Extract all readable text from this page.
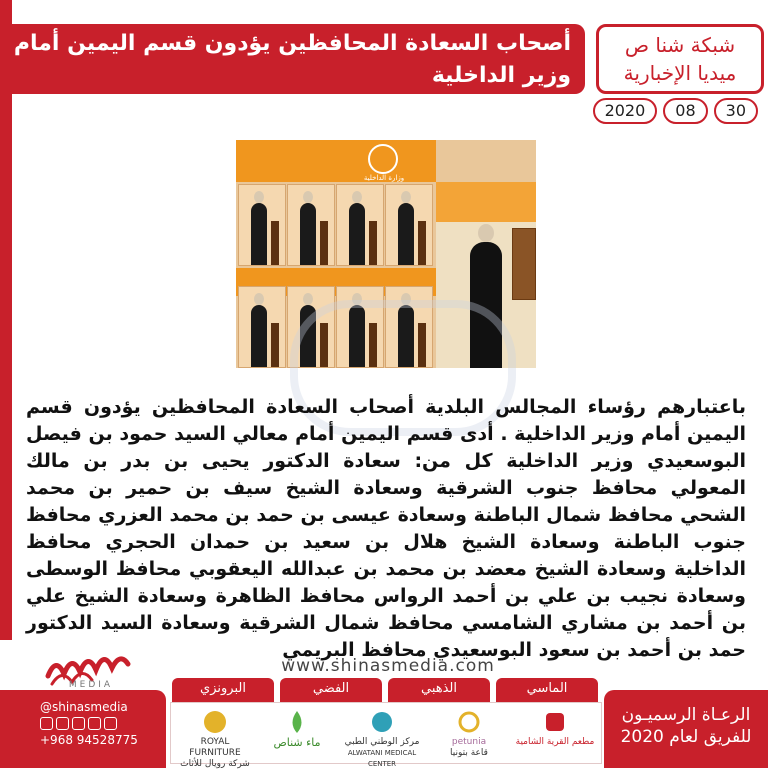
أصحاب السعادة المحافظين يؤدون قسم اليمين أمام وزير الداخلية
شبكة شنا ص
ميديا الإخبارية
2020	08	30
وزارة الداخلية

باعتبارهم رؤساء المجالس البلدية أصحاب السعادة المحافظين يؤدون قسم اليمين أمام وزير الداخلية . أدى قسم اليمين أمام معالي السيد حمود بن فيصل البوسعيدي وزير الداخلية كل من: سعادة الدكتور يحيى بن بدر بن مالك المعولي محافظ جنوب الشرقية وسعادة الشيخ سيف بن حمير بن محمد الشحي محافظ شمال الباطنة وسعادة عيسى بن حمد بن محمد العزري محافظ جنوب الباطنة وسعادة الشيخ هلال بن سعيد بن حمدان الحجري محافظ الداخلية وسعادة الشيخ معضد بن محمد بن عبدالله اليعقوبي محافظ الوسطى وسعادة نجيب بن علي بن أحمد الرواس محافظ الظاهرة وسعادة الشيخ علي بن أحمد بن مشاري الشامسي محافظ شمال الشرقية وسعادة السيد الدكتور حمد بن أحمد بن سعود البوسعيدي محافظ البريمي

MEDIA
www.shinasmedia.com
البرونزي	الفضي	الذهبي	الماسي
ROYAL FURNITURE
شركة رويال للأثاث
ماء شناص	مركز الوطني الطبي
ALWATANI MEDICAL CENTER
petunia
قاعة بتونيا
مطعم القرية الشامية
الرعـاة الرسميـون
للفريق لعام 2020
@shinasmedia
+968 94528775
